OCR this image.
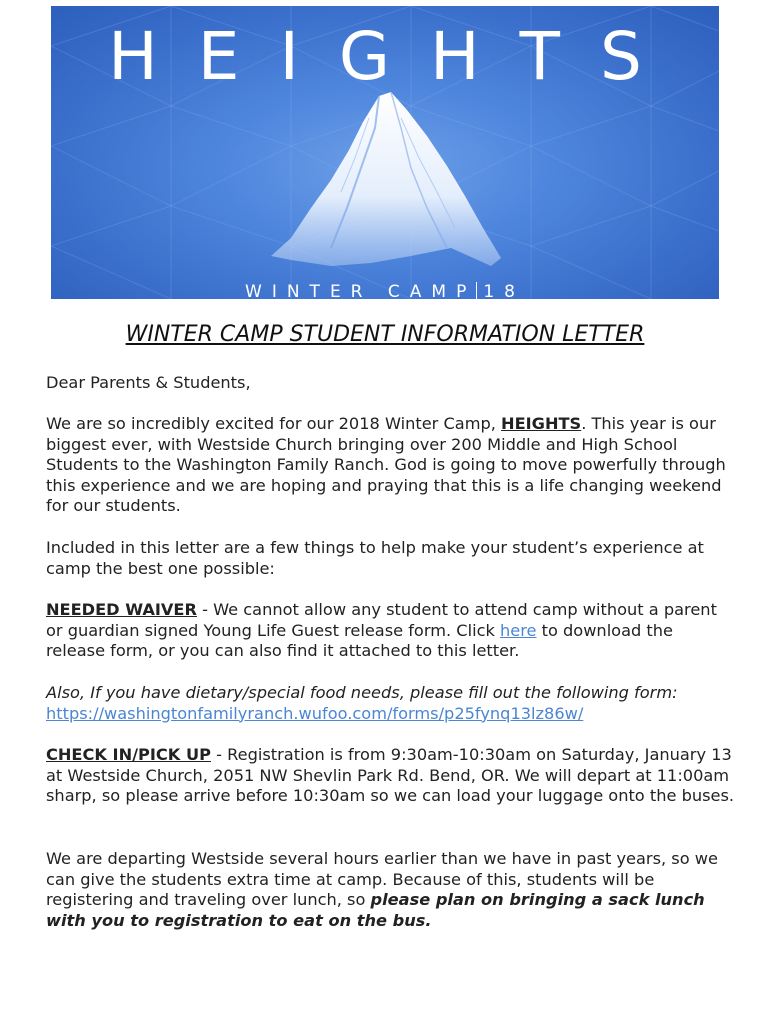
HEIGHTS
WINTER CAMP 18
WINTER CAMP STUDENT INFORMATION LETTER
Dear Parents & Students,
We are so incredibly excited for our 2018 Winter Camp, HEIGHTS. This year is our biggest ever, with Westside Church bringing over 200 Middle and High School Students to the Washington Family Ranch. God is going to move powerfully through this experience and we are hoping and praying that this is a life changing weekend for our students.
Included in this letter are a few things to help make your student’s experience at camp the best one possible:
NEEDED WAIVER - We cannot allow any student to attend camp without a parent or guardian signed Young Life Guest release form. Click here to download the release form, or you can also find it attached to this letter.
Also, If you have dietary/special food needs, please fill out the following form:
https://washingtonfamilyranch.wufoo.com/forms/p25fynq13lz86w/
CHECK IN/PICK UP - Registration is from 9:30am-10:30am on Saturday, January 13 at Westside Church, 2051 NW Shevlin Park Rd. Bend, OR. We will depart at 11:00am sharp, so please arrive before 10:30am so we can load your luggage onto the buses.
We are departing Westside several hours earlier than we have in past years, so we can give the students extra time at camp. Because of this, students will be registering and traveling over lunch, so please plan on bringing a sack lunch with you to registration to eat on the bus.
